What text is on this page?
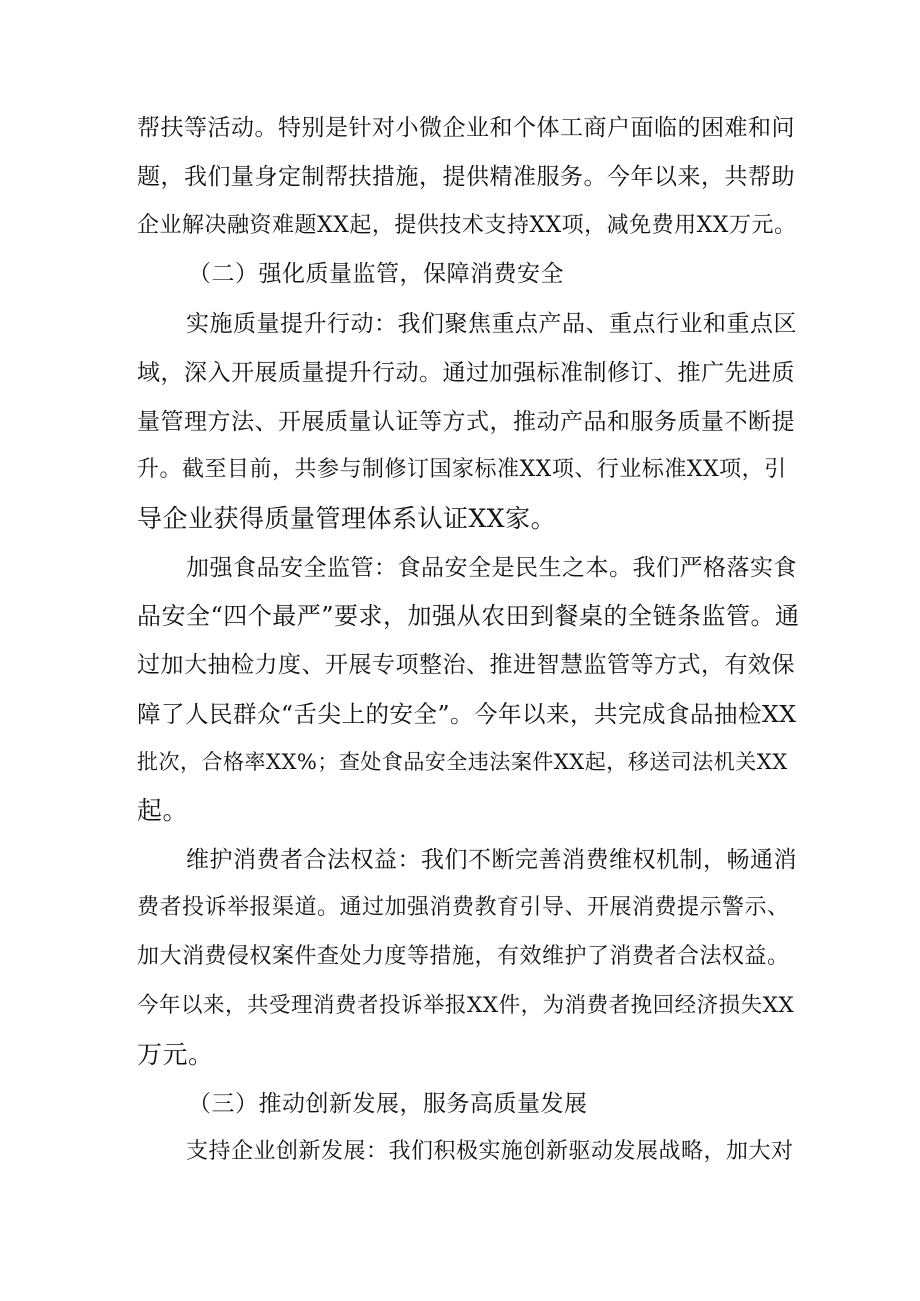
帮扶等活动。特别是针对小微企业和个体工商户面临的困难和问

题，我们量身定制帮扶措施，提供精准服务。今年以来，共帮助

企业解决融资难题XX起，提供技术支持XX项，减免费用XX万元。

（二）强化质量监管，保障消费安全

实施质量提升行动：我们聚焦重点产品、重点行业和重点区

域，深入开展质量提升行动。通过加强标准制修订、推广先进质

量管理方法、开展质量认证等方式，推动产品和服务质量不断提

升。截至目前，共参与制修订国家标准XX项、行业标准XX项，引

导企业获得质量管理体系认证XX家。

加强食品安全监管：食品安全是民生之本。我们严格落实食

品安全“四个最严”要求，加强从农田到餐桌的全链条监管。通

过加大抽检力度、开展专项整治、推进智慧监管等方式，有效保

障了人民群众“舌尖上的安全”。今年以来，共完成食品抽检XX

批次，合格率XX%；查处食品安全违法案件XX起，移送司法机关XX

起。

维护消费者合法权益：我们不断完善消费维权机制，畅通消

费者投诉举报渠道。通过加强消费教育引导、开展消费提示警示、

加大消费侵权案件查处力度等措施，有效维护了消费者合法权益。

今年以来，共受理消费者投诉举报XX件，为消费者挽回经济损失XX

万元。

（三）推动创新发展，服务高质量发展

支持企业创新发展：我们积极实施创新驱动发展战略，加大对
